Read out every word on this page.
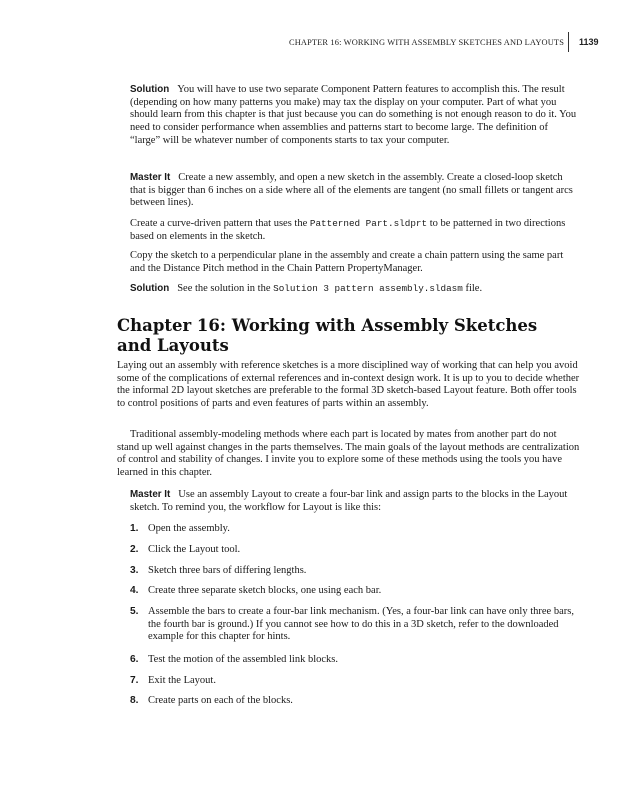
CHAPTER 16: WORKING WITH ASSEMBLY SKETCHES AND LAYOUTS 1139

Solution You will have to use two separate Component Pattern features to accomplish this. The result (depending on how many patterns you make) may tax the display on your computer. Part of what you should learn from this chapter is that just because you can do something is not enough reason to do it. You need to consider performance when assemblies and patterns start to become large. The definition of “large” will be whatever number of components starts to tax your computer.

Master It Create a new assembly, and open a new sketch in the assembly. Create a closed-loop sketch that is bigger than 6 inches on a side where all of the elements are tangent (no small fillets or tangent arcs between lines).

Create a curve-driven pattern that uses the Patterned Part.sldprt to be patterned in two directions based on elements in the sketch.

Copy the sketch to a perpendicular plane in the assembly and create a chain pattern using the same part and the Distance Pitch method in the Chain Pattern PropertyManager.

Solution See the solution in the Solution 3 pattern assembly.sldasm file.

Chapter 16: Working with Assembly Sketches
and Layouts

Laying out an assembly with reference sketches is a more disciplined way of working that can help you avoid some of the complications of external references and in-context design work. It is up to you to decide whether the informal 2D layout sketches are preferable to the formal 3D sketch-based Layout feature. Both offer tools to control positions of parts and even features of parts within an assembly.

Traditional assembly-modeling methods where each part is located by mates from another part do not stand up well against changes in the parts themselves. The main goals of the layout methods are centralization of control and stability of changes. I invite you to explore some of these methods using the tools you have learned in this chapter.

Master It Use an assembly Layout to create a four-bar link and assign parts to the blocks in the Layout sketch. To remind you, the workflow for Layout is like this:

1. Open the assembly.
2. Click the Layout tool.
3. Sketch three bars of differing lengths.
4. Create three separate sketch blocks, one using each bar.
5. Assemble the bars to create a four-bar link mechanism. (Yes, a four-bar link can have only three bars, the fourth bar is ground.) If you cannot see how to do this in a 3D sketch, refer to the downloaded example for this chapter for hints.
6. Test the motion of the assembled link blocks.
7. Exit the Layout.
8. Create parts on each of the blocks.
